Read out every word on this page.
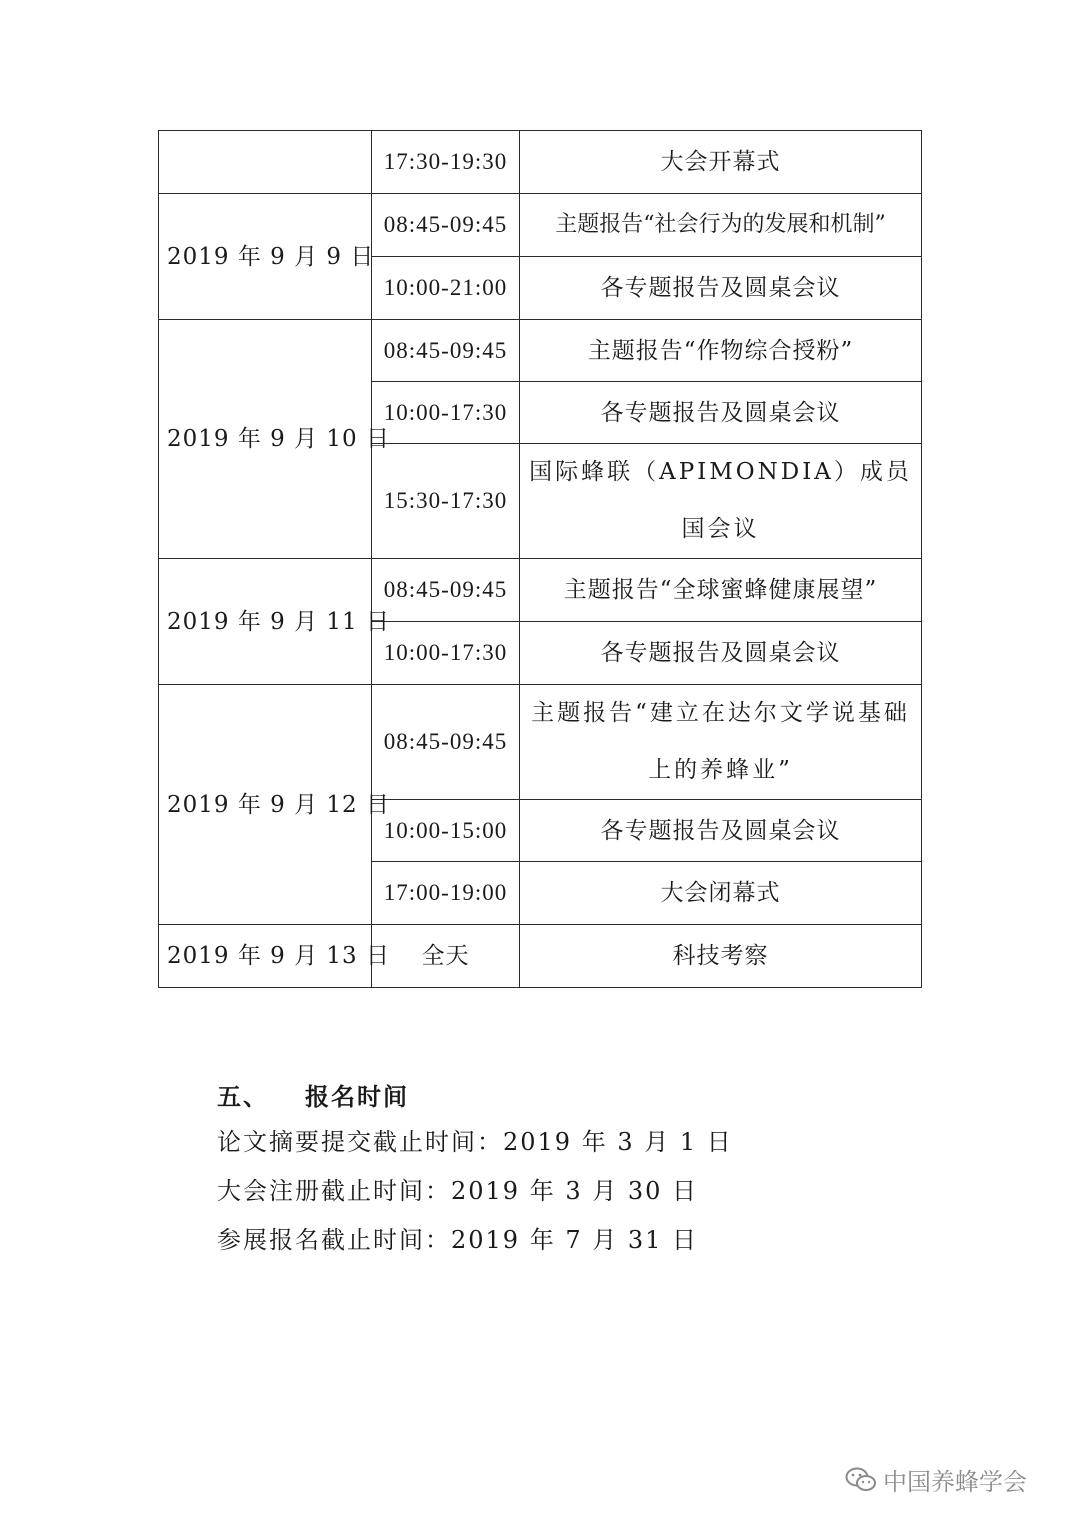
	17:30-19:30	大会开幕式
2019 年 9 月 9 日	08:45-09:45	主题报告“社会行为的发展和机制”
	10:00-21:00	各专题报告及圆桌会议
2019 年 9 月 10 日	08:45-09:45	主题报告“作物综合授粉”
	10:00-17:30	各专题报告及圆桌会议
	15:30-17:30	国际蜂联（APIMONDIA）成员国会议
2019 年 9 月 11 日	08:45-09:45	主题报告“全球蜜蜂健康展望”
	10:00-17:30	各专题报告及圆桌会议
2019 年 9 月 12 日	08:45-09:45	主题报告“建立在达尔文学说基础上的养蜂业”
	10:00-15:00	各专题报告及圆桌会议
	17:00-19:00	大会闭幕式
2019 年 9 月 13 日	全天	科技考察
五、 报名时间
论文摘要提交截止时间：2019 年 3 月 1 日
大会注册截止时间：2019 年 3 月 30 日
参展报名截止时间：2019 年 7 月 31 日
中国养蜂学会
